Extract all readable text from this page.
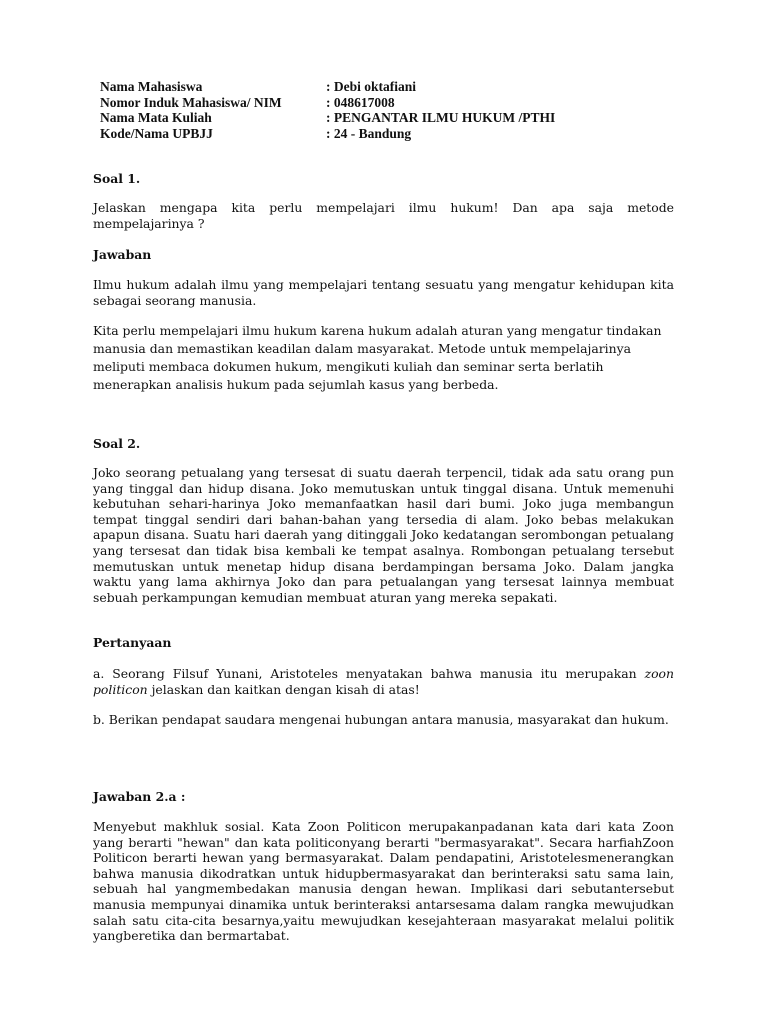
Nama Mahasiswa	: Debi oktafiani
Nomor Induk Mahasiswa/ NIM	: 048617008
Nama Mata Kuliah	: PENGANTAR ILMU HUKUM /PTHI
Kode/Nama UPBJJ	: 24 - Bandung

Soal 1.

Jelaskan mengapa kita perlu mempelajari ilmu hukum! Dan apa saja metode mempelajarinya ?

Jawaban

Ilmu hukum adalah ilmu yang mempelajari tentang sesuatu yang mengatur kehidupan kita sebagai seorang manusia.

Kita perlu mempelajari ilmu hukum karena hukum adalah aturan yang mengatur tindakan manusia dan memastikan keadilan dalam masyarakat. Metode untuk mempelajarinya meliputi membaca dokumen hukum, mengikuti kuliah dan seminar serta berlatih menerapkan analisis hukum pada sejumlah kasus yang berbeda.

Soal 2.

Joko seorang petualang yang tersesat di suatu daerah terpencil, tidak ada satu orang pun yang tinggal dan hidup disana. Joko memutuskan untuk tinggal disana. Untuk memenuhi kebutuhan sehari-harinya Joko memanfaatkan hasil dari bumi. Joko juga membangun tempat tinggal sendiri dari bahan-bahan yang tersedia di alam. Joko bebas melakukan apapun disana. Suatu hari daerah yang ditinggali Joko kedatangan serombongan petualang yang tersesat dan tidak bisa kembali ke tempat asalnya. Rombongan petualang tersebut memutuskan untuk menetap hidup disana berdampingan bersama Joko. Dalam jangka waktu yang lama akhirnya Joko dan para petualangan yang tersesat lainnya membuat sebuah perkampungan kemudian membuat aturan yang mereka sepakati.

Pertanyaan

a. Seorang Filsuf Yunani, Aristoteles menyatakan bahwa manusia itu merupakan zoon politicon jelaskan dan kaitkan dengan kisah di atas!

b. Berikan pendapat saudara mengenai hubungan antara manusia, masyarakat dan hukum.

Jawaban 2.a :

Menyebut makhluk sosial. Kata Zoon Politicon merupakanpadanan kata dari kata Zoon yang berarti "hewan" dan kata politiconyang berarti "bermasyarakat". Secara harfiahZoon Politicon berarti hewan yang bermasyarakat. Dalam pendapatini, Aristotelesmenerangkan bahwa manusia dikodratkan untuk hidupbermasyarakat dan berinteraksi satu sama lain, sebuah hal yangmembedakan manusia dengan hewan. Implikasi dari sebutantersebut manusia mempunyai dinamika untuk berinteraksi antarsesama dalam rangka mewujudkan salah satu cita-cita besarnya,yaitu mewujudkan kesejahteraan masyarakat melalui politik yangberetika dan bermartabat.
